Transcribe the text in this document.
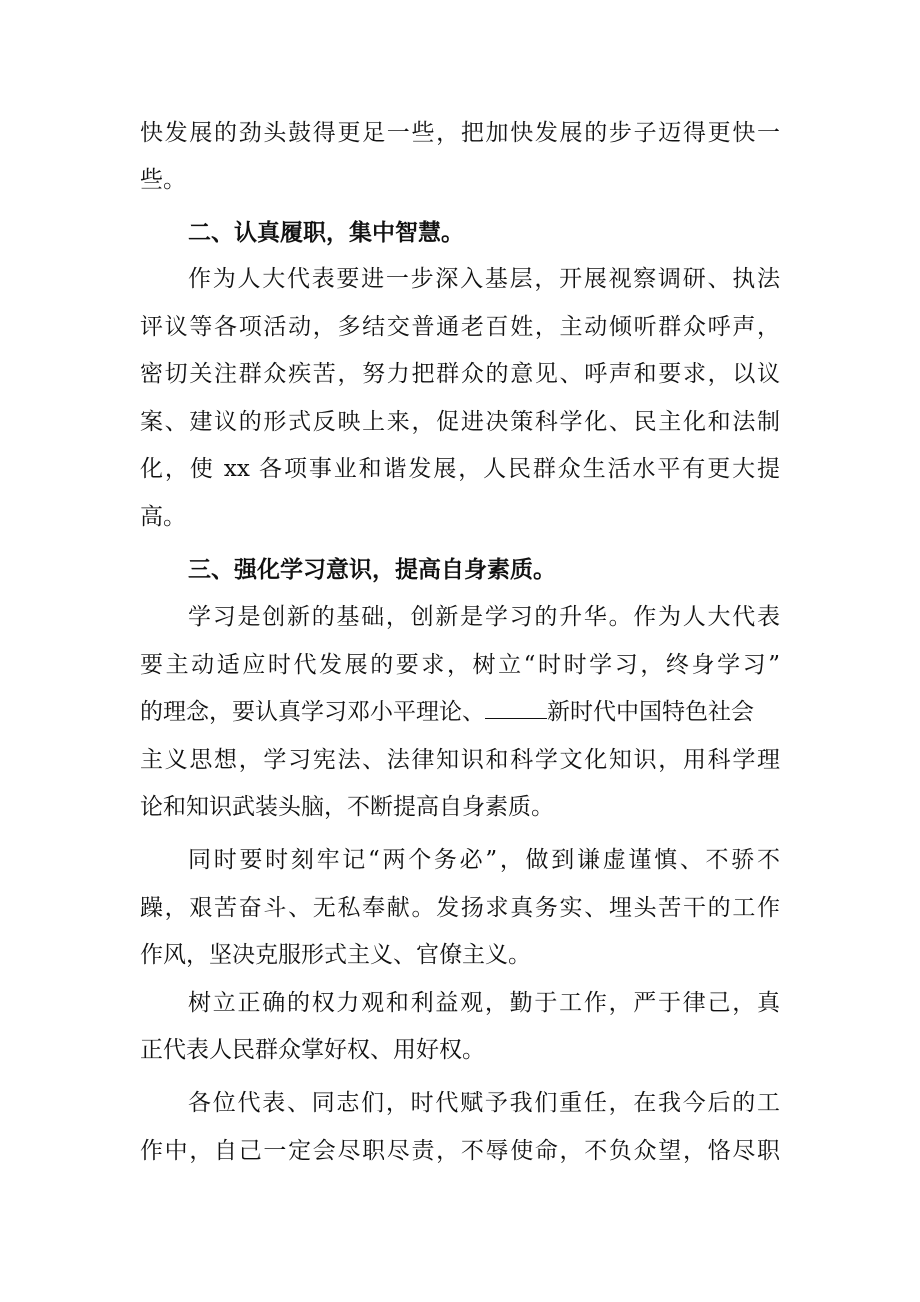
快发展的劲头鼓得更足一些，把加快发展的步子迈得更快一
些。
二、认真履职，集中智慧。
作为人大代表要进一步深入基层，开展视察调研、执法
评议等各项活动，多结交普通老百姓，主动倾听群众呼声，
密切关注群众疾苦，努力把群众的意见、呼声和要求，以议
案、建议的形式反映上来，促进决策科学化、民主化和法制
化，使 xx 各项事业和谐发展，人民群众生活水平有更大提
高。
三、强化学习意识，提高自身素质。
学习是创新的基础，创新是学习的升华。作为人大代表
要主动适应时代发展的要求，树立“时时学习，终身学习”
的理念，要认真学习邓小平理论、	新时代中国特色社会
主义思想，学习宪法、法律知识和科学文化知识，用科学理
论和知识武装头脑，不断提高自身素质。
同时要时刻牢记“两个务必”，做到谦虚谨慎、不骄不
躁，艰苦奋斗、无私奉献。发扬求真务实、埋头苦干的工作
作风，坚决克服形式主义、官僚主义。
树立正确的权力观和利益观，勤于工作，严于律己，真
正代表人民群众掌好权、用好权。
各位代表、同志们，时代赋予我们重任，在我今后的工
作中，自己一定会尽职尽责，不辱使命，不负众望，恪尽职
